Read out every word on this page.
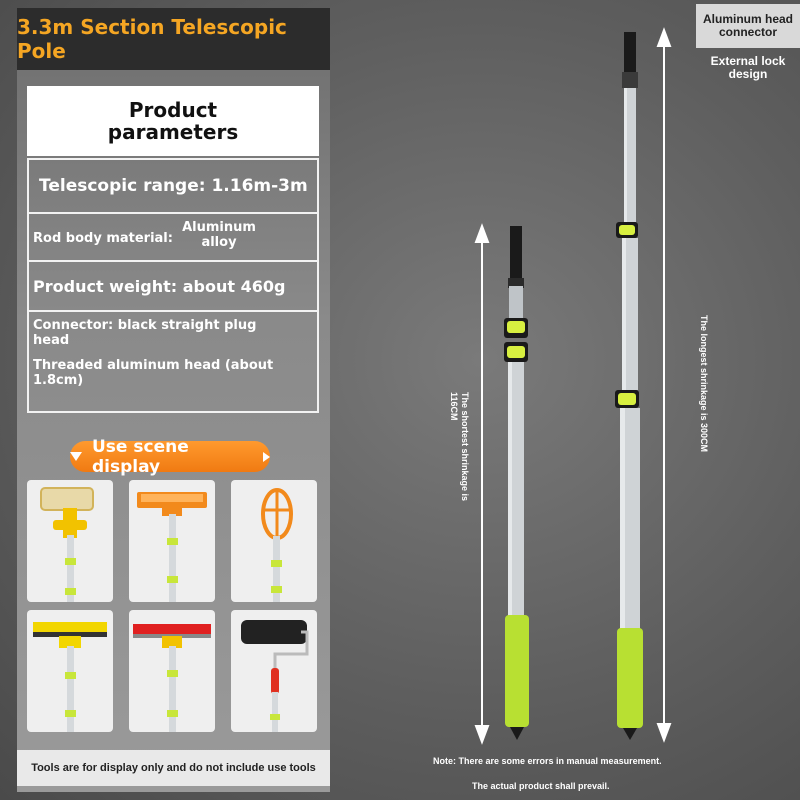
3.3m Section Telescopic Pole
Product
parameters
Telescopic range: 1.16m-3m
Rod body material:
Aluminum
alloy
Product weight: about 460g
Connector: black straight plug head
Threaded aluminum head (about 1.8cm)
Use scene display
Tools are for display only and do not include use tools
Aluminum head
connector
External lock
design
The shortest shrinkage is
116CM	The longest shrinkage is 300CM
Note: There are some errors in manual measurement.
The actual product shall prevail.
